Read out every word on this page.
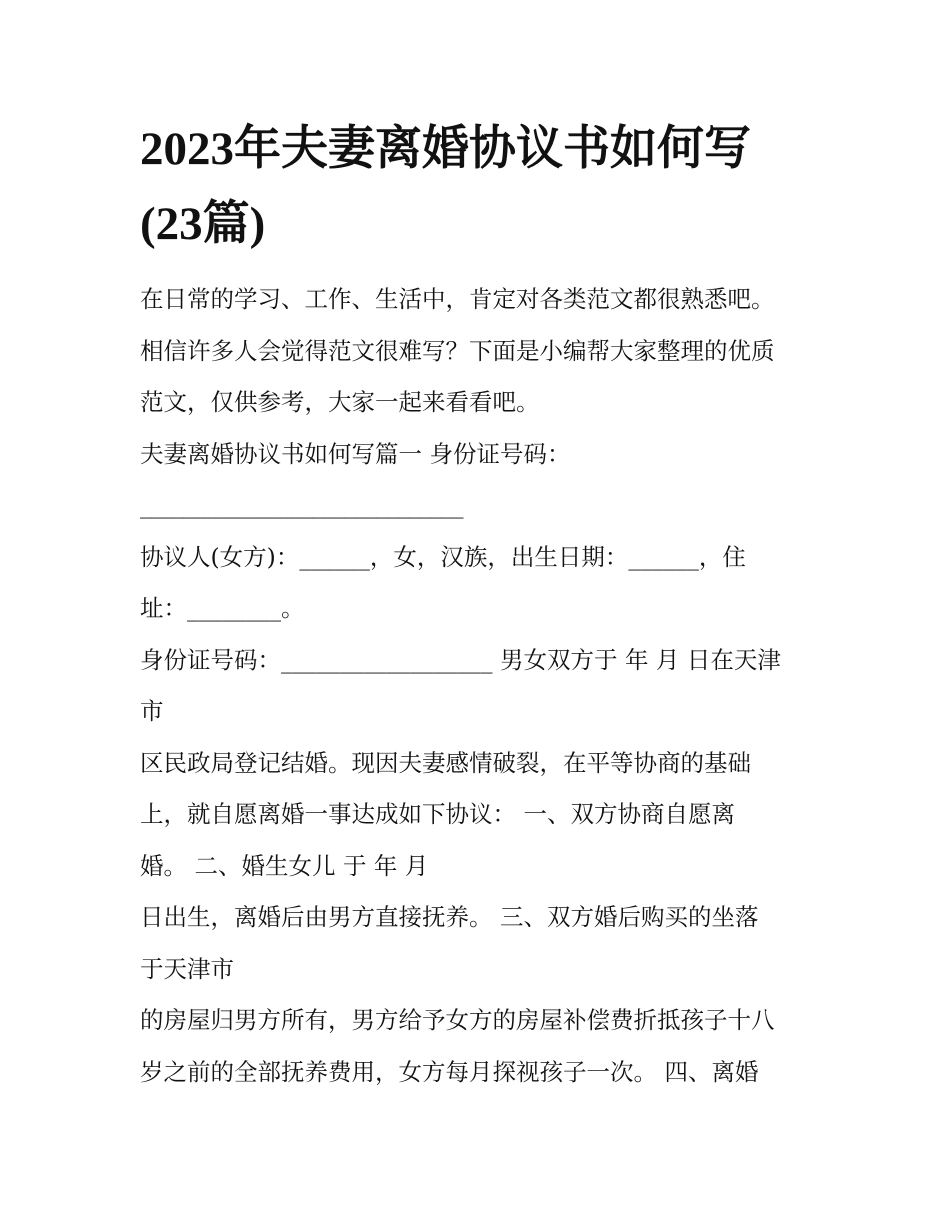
2023年夫妻离婚协议书如何写
(23篇)
在日常的学习、工作、生活中，肯定对各类范文都很熟悉吧。
相信许多人会觉得范文很难写？下面是小编帮大家整理的优质
范文，仅供参考，大家一起来看看吧。
夫妻离婚协议书如何写篇一 身份证号码：
______________________________
协议人(女方)：______，女，汉族，出生日期：______，住
址：________。
身份证号码：__________________ 男女双方于 年 月 日在天津
市
区民政局登记结婚。现因夫妻感情破裂，在平等协商的基础
上，就自愿离婚一事达成如下协议： 一、双方协商自愿离
婚。 二、婚生女儿 于 年 月
日出生，离婚后由男方直接抚养。 三、双方婚后购买的坐落
于天津市
的房屋归男方所有，男方给予女方的房屋补偿费折抵孩子十八
岁之前的全部抚养费用，女方每月探视孩子一次。 四、离婚
